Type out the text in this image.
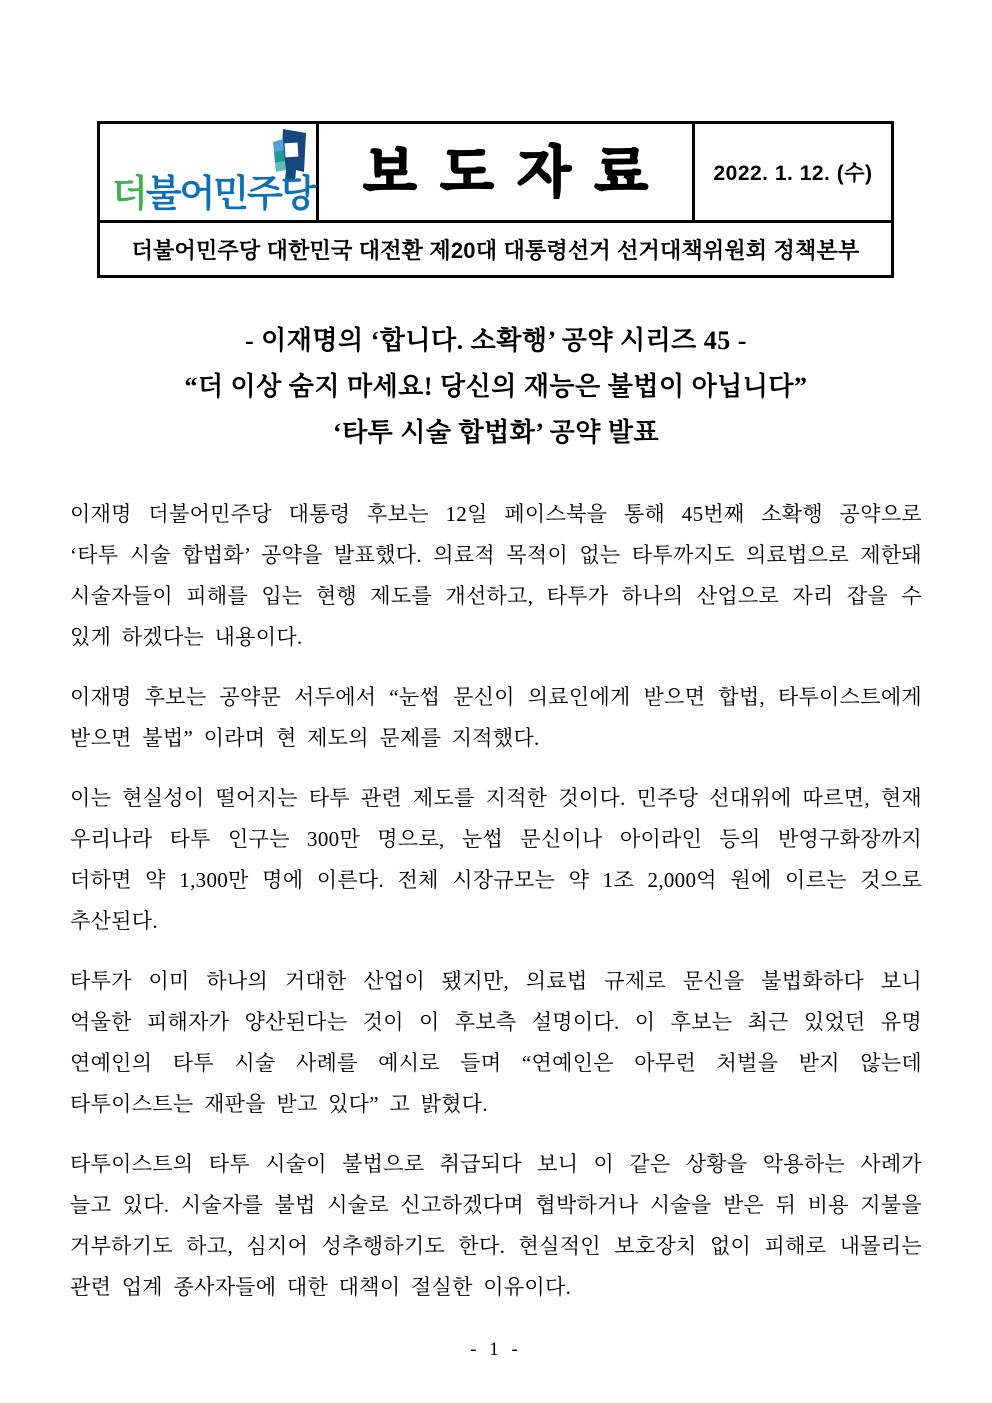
더불어민주당 보도자료 2022. 1. 12. (수)
더불어민주당 대한민국 대전환 제20대 대통령선거 선거대책위원회 정책본부
- 이재명의 ‘합니다. 소확행’ 공약 시리즈 45 -
“더 이상 숨지 마세요! 당신의 재능은 불법이 아닙니다”
‘타투 시술 합법화’ 공약 발표

이재명 더불어민주당 대통령 후보는 12일 페이스북을 통해 45번째 소확행 공약으로 ‘타투 시술 합법화’ 공약을 발표했다. 의료적 목적이 없는 타투까지도 의료법으로 제한돼 시술자들이 피해를 입는 현행 제도를 개선하고, 타투가 하나의 산업으로 자리 잡을 수 있게 하겠다는 내용이다.

이재명 후보는 공약문 서두에서 “눈썹 문신이 의료인에게 받으면 합법, 타투이스트에게 받으면 불법” 이라며 현 제도의 문제를 지적했다.

이는 현실성이 떨어지는 타투 관련 제도를 지적한 것이다. 민주당 선대위에 따르면, 현재 우리나라 타투 인구는 300만 명으로, 눈썹 문신이나 아이라인 등의 반영구화장까지 더하면 약 1,300만 명에 이른다. 전체 시장규모는 약 1조 2,000억 원에 이르는 것으로 추산된다.

타투가 이미 하나의 거대한 산업이 됐지만, 의료법 규제로 문신을 불법화하다 보니 억울한 피해자가 양산된다는 것이 이 후보측 설명이다. 이 후보는 최근 있었던 유명 연예인의 타투 시술 사례를 예시로 들며 “연예인은 아무런 처벌을 받지 않는데 타투이스트는 재판을 받고 있다” 고 밝혔다.

타투이스트의 타투 시술이 불법으로 취급되다 보니 이 같은 상황을 악용하는 사례가 늘고 있다. 시술자를 불법 시술로 신고하겠다며 협박하거나 시술을 받은 뒤 비용 지불을 거부하기도 하고, 심지어 성추행하기도 한다. 현실적인 보호장치 없이 피해로 내몰리는 관련 업계 종사자들에 대한 대책이 절실한 이유이다.

- 1 -
